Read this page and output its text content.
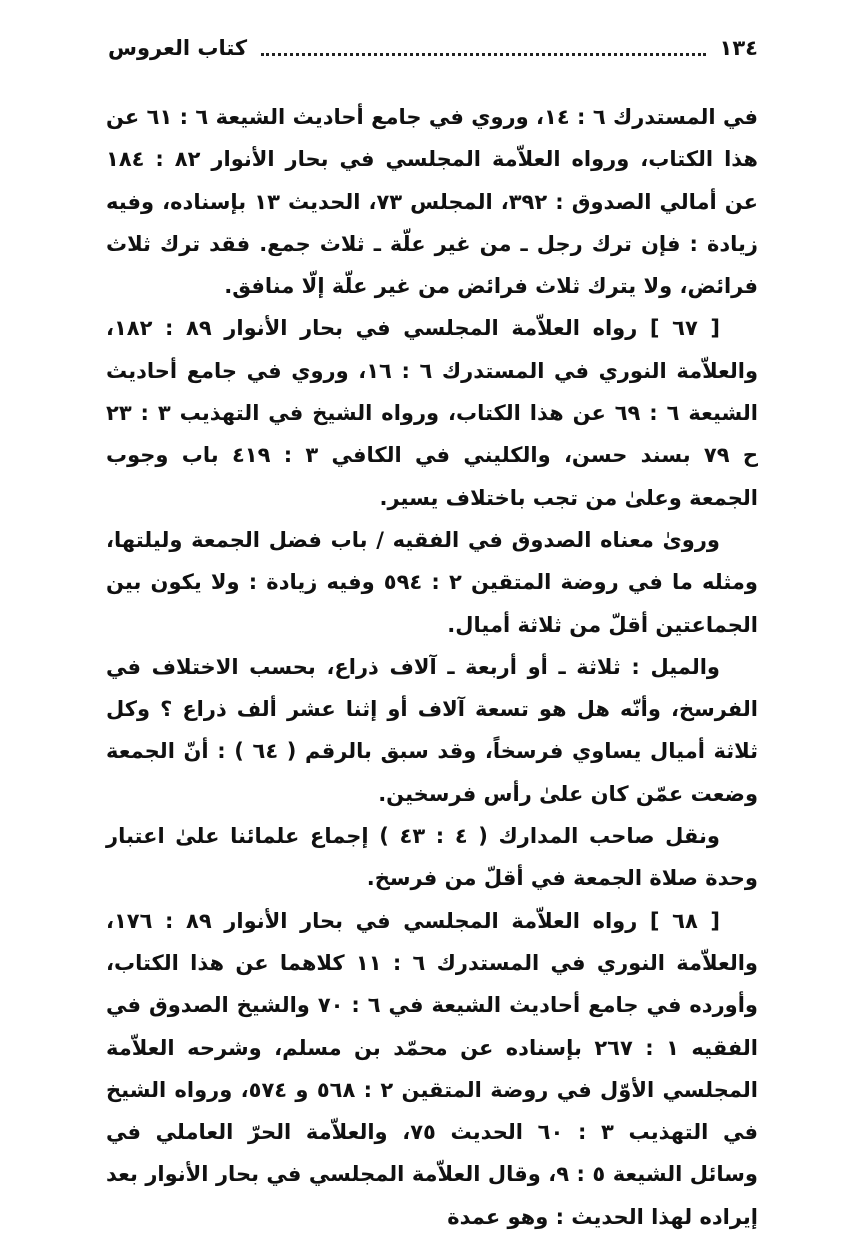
١٣٤
كتاب العروس

في المستدرك ٦ : ١٤، وروي في جامع أحاديث الشيعة ٦ : ٦١ عن هذا الكتاب، ورواه العلاّمة المجلسي في بحار الأنوار ٨٢ : ١٨٤ عن أمالي الصدوق : ٣٩٢، المجلس ٧٣، الحديث ١٣ بإسناده، وفيه زيادة : فإن ترك رجل ـ من غير علّة ـ ثلاث جمع. فقد ترك ثلاث فرائض، ولا يترك ثلاث فرائض من غير علّة إلّا منافق.

[ ٦٧ ] رواه العلاّمة المجلسي في بحار الأنوار ٨٩ : ١٨٢، والعلاّمة النوري في المستدرك ٦ : ١٦، وروي في جامع أحاديث الشيعة ٦ : ٦٩ عن هذا الكتاب، ورواه الشيخ في التهذيب ٣ : ٢٣ ح ٧٩ بسند حسن، والكليني في الكافي ٣ : ٤١٩ باب وجوب الجمعة وعلىٰ من تجب باختلاف يسير.

وروىٰ معناه الصدوق في الفقيه / باب فضل الجمعة وليلتها، ومثله ما في روضة المتقين ٢ : ٥٩٤ وفيه زيادة : ولا يكون بين الجماعتين أقلّ من ثلاثة أميال.

والميل : ثلاثة ـ أو أربعة ـ آلاف ذراع، بحسب الاختلاف في الفرسخ، وأنّه هل هو تسعة آلاف أو إثنا عشر ألف ذراع ؟ وكل ثلاثة أميال يساوي فرسخاً، وقد سبق بالرقم ( ٦٤ ) : أنّ الجمعة وضعت عمّن كان علىٰ رأس فرسخين.

ونقل صاحب المدارك ( ٤ : ٤٣ ) إجماع علمائنا علىٰ اعتبار وحدة صلاة الجمعة في أقلّ من فرسخ.

[ ٦٨ ] رواه العلاّمة المجلسي في بحار الأنوار ٨٩ : ١٧٦، والعلاّمة النوري في المستدرك ٦ : ١١ كلاهما عن هذا الكتاب، وأورده في جامع أحاديث الشيعة في ٦ : ٧٠ والشيخ الصدوق في الفقيه ١ : ٢٦٧ بإسناده عن محمّد بن مسلم، وشرحه العلاّمة المجلسي الأوّل في روضة المتقين ٢ : ٥٦٨ و ٥٧٤، ورواه الشيخ في التهذيب ٣ : ٦٠ الحديث ٧٥، والعلاّمة الحرّ العاملي في وسائل الشيعة ٥ : ٩، وقال العلاّمة المجلسي في بحار الأنوار بعد إيراده لهذا الحديث : وهو عمدة
